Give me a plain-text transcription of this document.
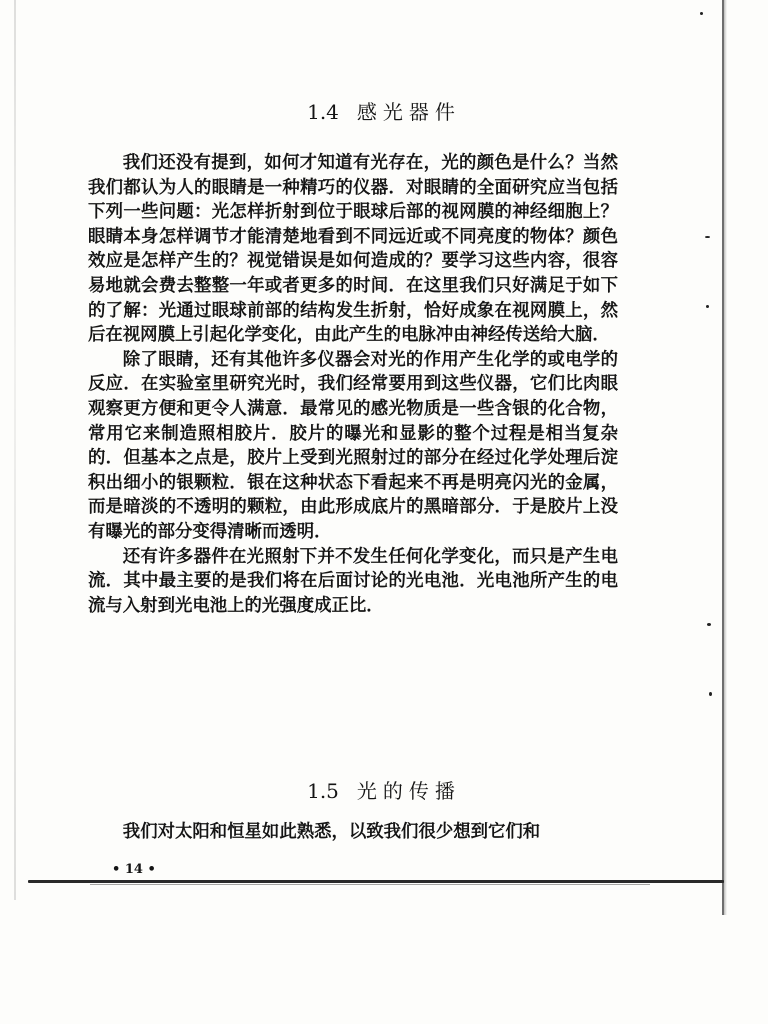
1.4 感光器件

我们还没有提到，如何才知道有光存在，光的颜色是什么？当然我们都认为人的眼睛是一种精巧的仪器．对眼睛的全面研究应当包括下列一些问题：光怎样折射到位于眼球后部的视网膜的神经细胞上？眼睛本身怎样调节才能清楚地看到不同远近或不同亮度的物体？颜色效应是怎样产生的？视觉错误是如何造成的？要学习这些内容，很容易地就会费去整整一年或者更多的时间．在这里我们只好满足于如下的了解：光通过眼球前部的结构发生折射，恰好成象在视网膜上，然后在视网膜上引起化学变化，由此产生的电脉冲由神经传送给大脑．

除了眼睛，还有其他许多仪器会对光的作用产生化学的或电学的反应．在实验室里研究光时，我们经常要用到这些仪器，它们比肉眼观察更方便和更令人满意．最常见的感光物质是一些含银的化合物，常用它来制造照相胶片．胶片的曝光和显影的整个过程是相当复杂的．但基本之点是，胶片上受到光照射过的部分在经过化学处理后淀积出细小的银颗粒．银在这种状态下看起来不再是明亮闪光的金属，而是暗淡的不透明的颗粒，由此形成底片的黑暗部分．于是胶片上没有曝光的部分变得清晰而透明．

还有许多器件在光照射下并不发生任何化学变化，而只是产生电流．其中最主要的是我们将在后面讨论的光电池．光电池所产生的电流与入射到光电池上的光强度成正比．

1.5 光的传播

我们对太阳和恒星如此熟悉，以致我们很少想到它们和

• 14 •
